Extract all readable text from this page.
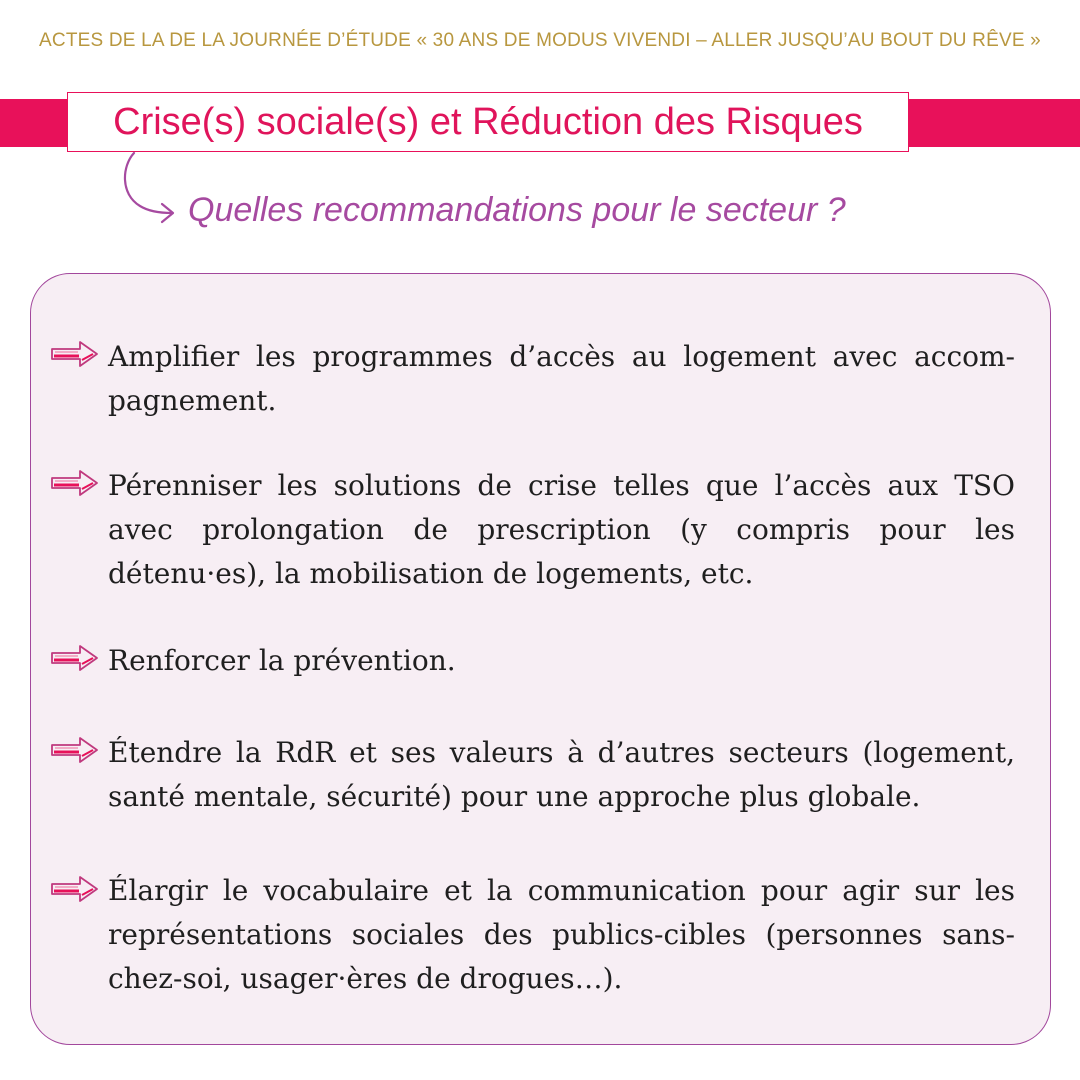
ACTES DE LA DE LA JOURNÉE D’ÉTUDE « 30 ANS DE MODUS VIVENDI – ALLER JUSQU’AU BOUT DU RÊVE »
Crise(s) sociale(s) et Réduction des Risques
Quelles recommandations pour le secteur ?
Amplifier les programmes d’accès au logement avec accom-pagnement.
Pérenniser les solutions de crise telles que l’accès aux TSO avec prolongation de prescription (y compris pour les détenu·es), la mobilisation de logements, etc.
Renforcer la prévention.
Étendre la RdR et ses valeurs à d’autres secteurs (logement, santé mentale, sécurité) pour une approche plus globale.
Élargir le vocabulaire et la communication pour agir sur les représentations sociales des publics-cibles (personnes sans-chez-soi, usager·ères de drogues…).
